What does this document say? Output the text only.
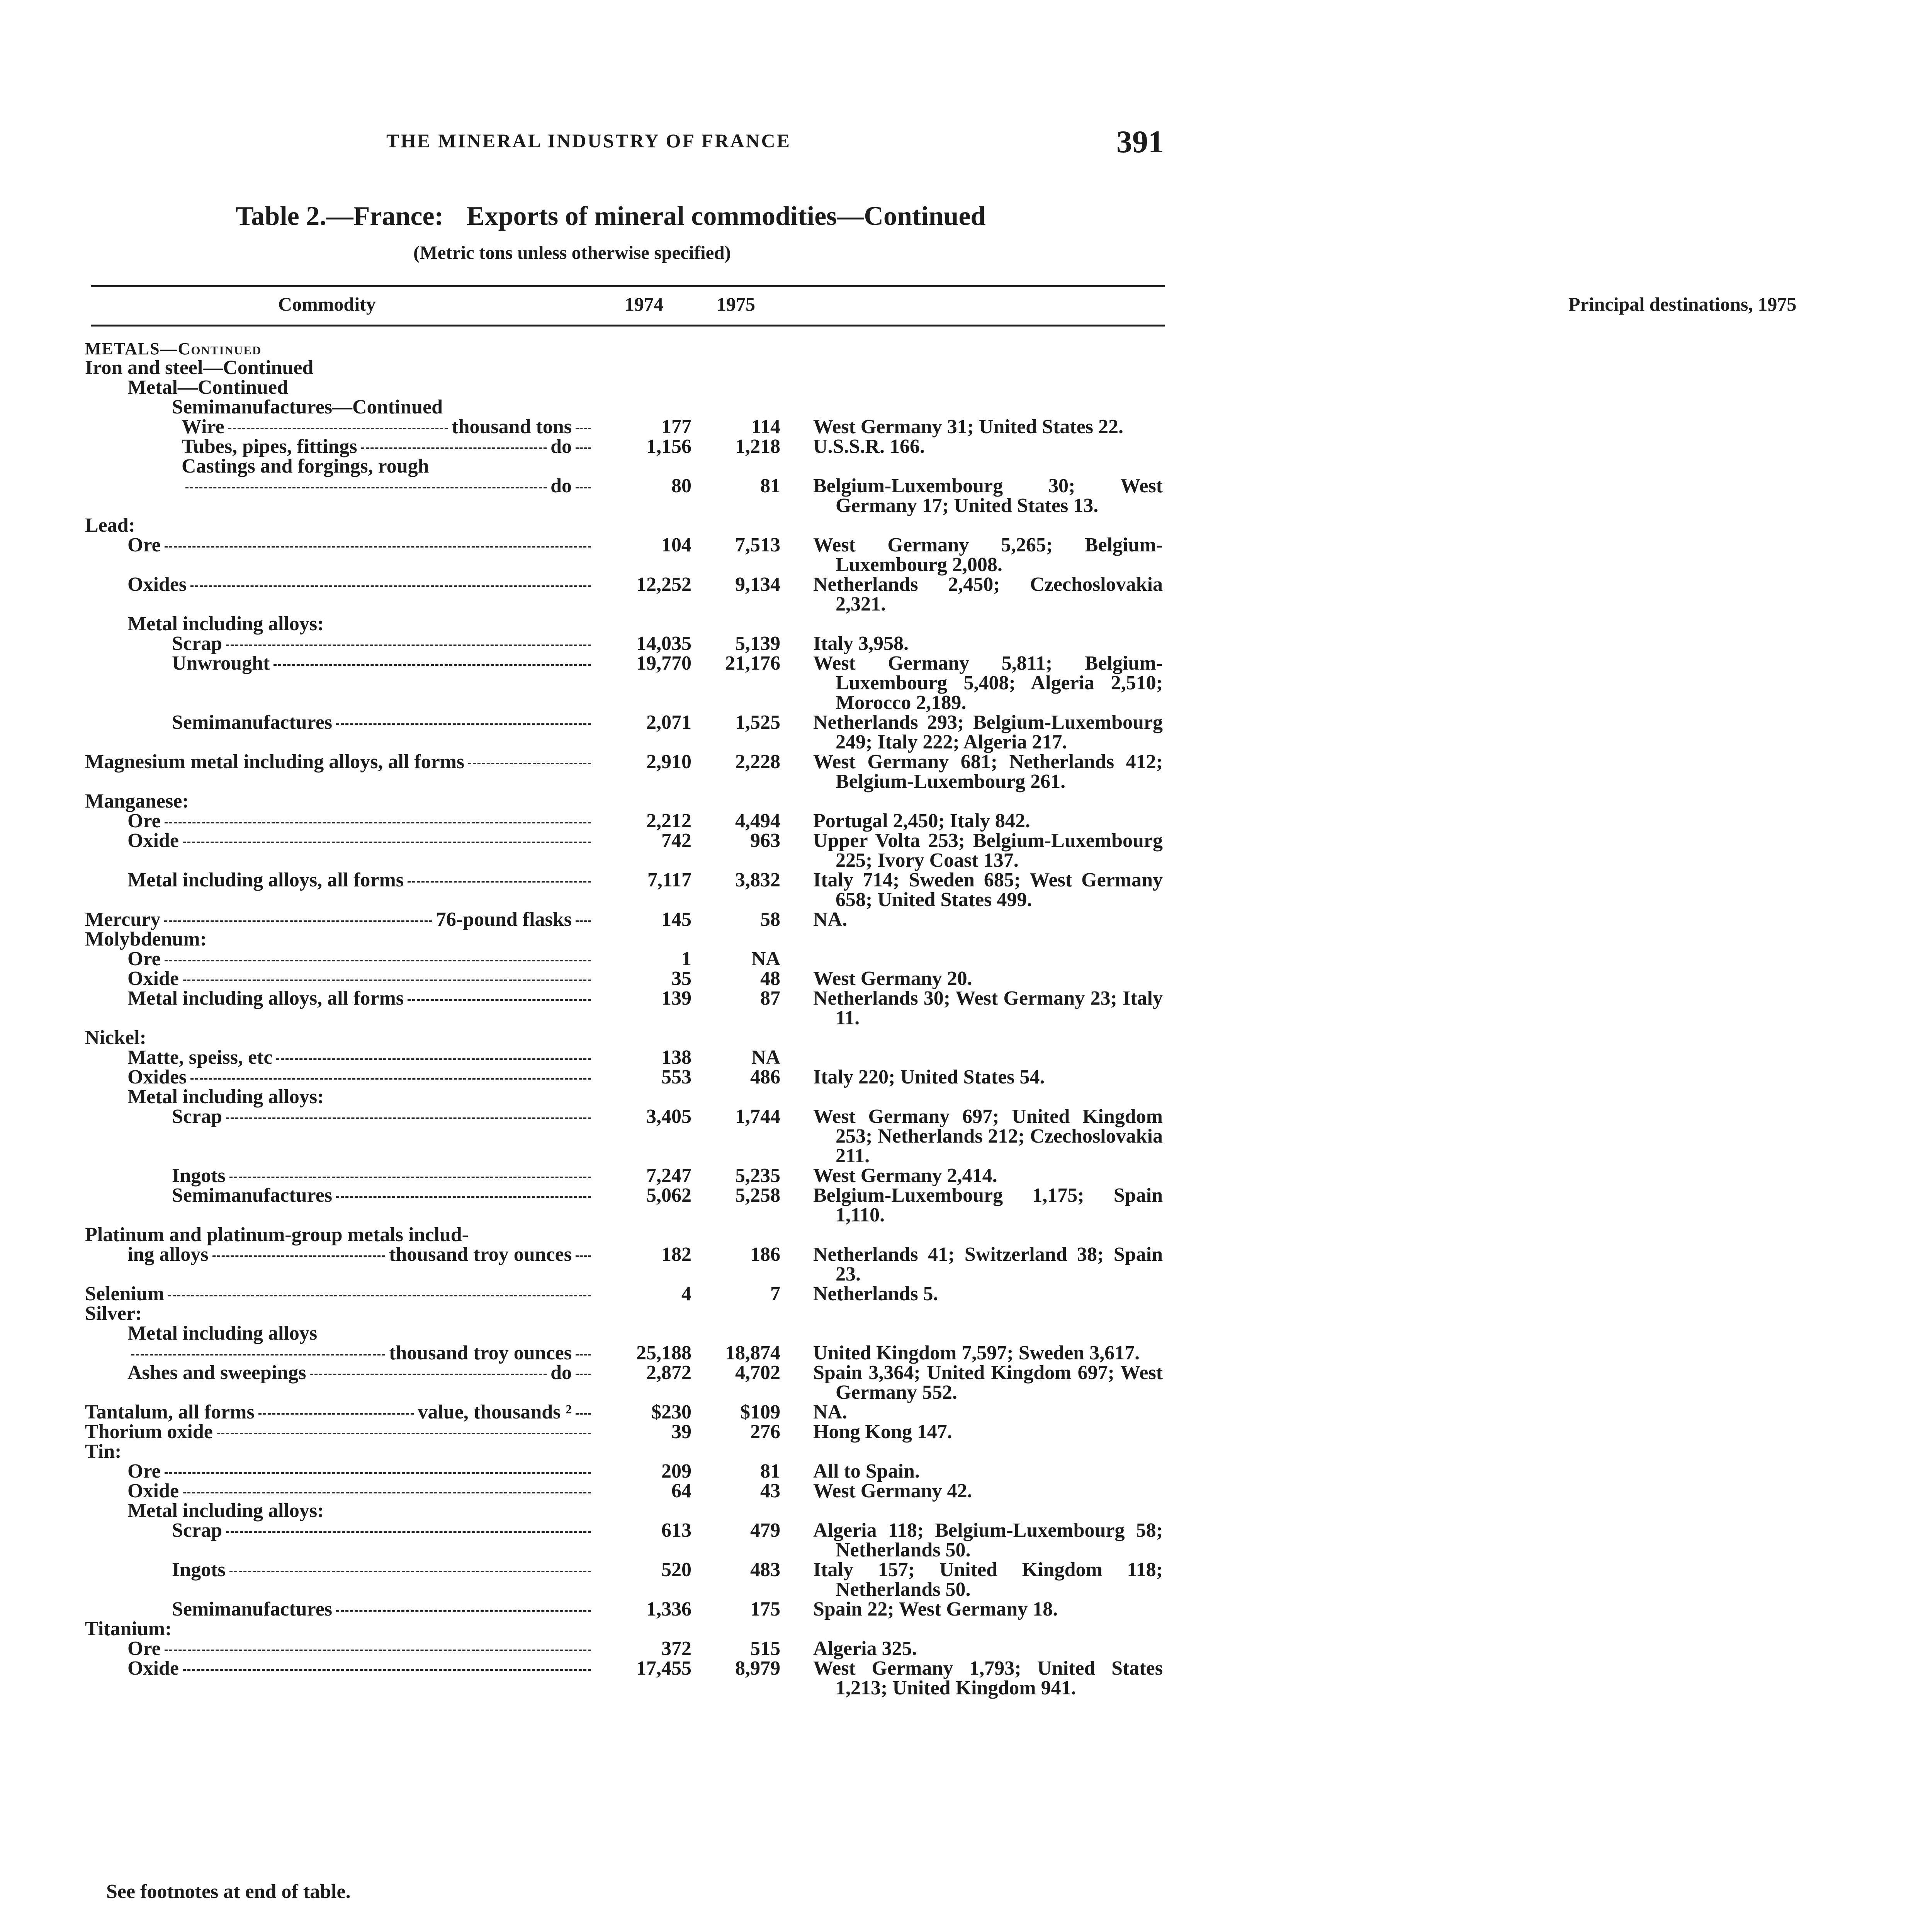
THE MINERAL INDUSTRY OF FRANCE	391
Table 2.—France: Exports of mineral commodities—Continued
(Metric tons unless otherwise specified)
Commodity	1974	1975	Principal destinations, 1975
METALS—Continued
Iron and steel—Continued
Metal—Continued
Semimanufactures—Continued
Wire	thousand tons	177	114 West Germany 31; United States 22.
Tubes, pipes, fittings	do	1,156	1,218 U.S.S.R. 166.
Castings and forgings, rough
do	80	81 Belgium-Luxembourg 30; West Germany 17; United States 13.
Lead:
Ore	104	7,513 West Germany 5,265; Belgium-Luxembourg 2,008.
Oxides	12,252	9,134 Netherlands 2,450; Czechoslovakia 2,321.
Metal including alloys:
Scrap	14,035	5,139 Italy 3,958.
Unwrought	19,770	21,176 West Germany 5,811; Belgium-Luxembourg 5,408; Algeria 2,510; Morocco 2,189.
Semimanufactures	2,071	1,525 Netherlands 293; Belgium-Luxembourg 249; Italy 222; Algeria 217.
Magnesium metal including alloys, all forms	2,910	2,228 West Germany 681; Netherlands 412; Belgium-Luxembourg 261.
Manganese:
Ore	2,212	4,494 Portugal 2,450; Italy 842.
Oxide	742	963 Upper Volta 253; Belgium-Luxembourg 225; Ivory Coast 137.
Metal including alloys, all forms	7,117	3,832 Italy 714; Sweden 685; West Germany 658; United States 499.
Mercury	76-pound flasks	145	58 NA.
Molybdenum:
Ore	1	NA
Oxide	35	48 West Germany 20.
Metal including alloys, all forms	139	87 Netherlands 30; West Germany 23; Italy 11.
Nickel:
Matte, speiss, etc	138	NA
Oxides	553	486 Italy 220; United States 54.
Metal including alloys:
Scrap	3,405	1,744 West Germany 697; United Kingdom 253; Netherlands 212; Czechoslovakia 211.
Ingots	7,247	5,235 West Germany 2,414.
Semimanufactures	5,062	5,258 Belgium-Luxembourg 1,175; Spain 1,110.
Platinum and platinum-group metals includ-
ing alloys	thousand troy ounces	182	186 Netherlands 41; Switzerland 38; Spain 23.
Selenium	4	7 Netherlands 5.
Silver:
Metal including alloys
thousand troy ounces	25,188	18,874 United Kingdom 7,597; Sweden 3,617.
Ashes and sweepings	do	2,872	4,702 Spain 3,364; United Kingdom 697; West Germany 552.
Tantalum, all forms	value, thousands ²	$230	$109 NA.
Thorium oxide	39	276 Hong Kong 147.
Tin:
Ore	209	81 All to Spain.
Oxide	64	43 West Germany 42.
Metal including alloys:
Scrap	613	479 Algeria 118; Belgium-Luxembourg 58; Netherlands 50.
Ingots	520	483 Italy 157; United Kingdom 118; Netherlands 50.
Semimanufactures	1,336	175 Spain 22; West Germany 18.
Titanium:
Ore	372	515 Algeria 325.
Oxide	17,455	8,979 West Germany 1,793; United States 1,213; United Kingdom 941.
See footnotes at end of table.
